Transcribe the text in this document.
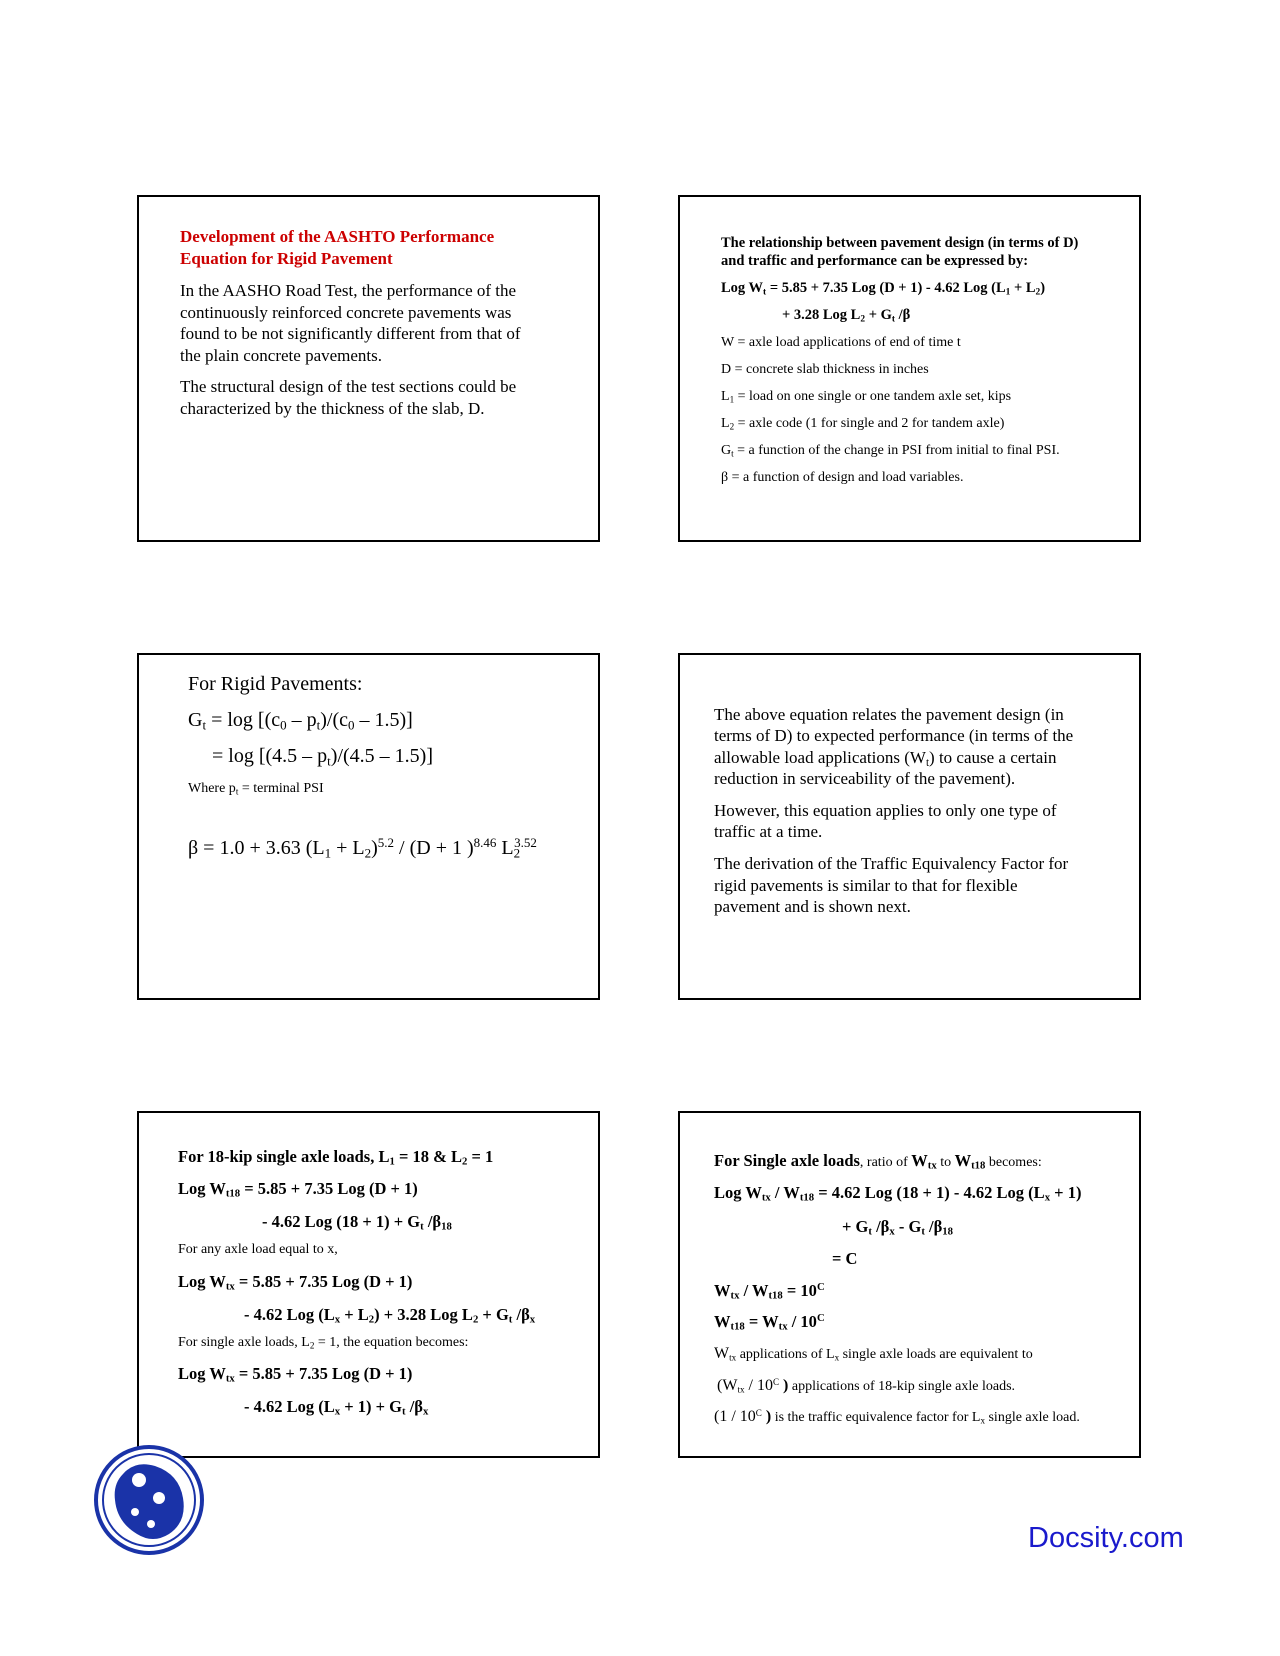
Development of the AASHTO Performance
Equation for Rigid Pavement
In the AASHO Road Test, the performance of the
continuously reinforced concrete pavements was
found to be not significantly different from that of
the plain concrete pavements.
The structural design of the test sections could be
characterized by the thickness of the slab, D.
The relationship between pavement design (in terms of D)
and traffic and performance can be expressed by:
Log $W_t = 5.85 + 7.35$ Log (D + 1) - 4.62 Log $(L_1 + L_2)$
+ 3.28 Log $L_2 + G_t$ /β
W = axle load applications of end of time t
D = concrete slab thickness in inches
$L_1$ = load on one single or one tandem axle set, kips
$L_2$ = axle code (1 for single and 2 for tandem axle)
$G_t = a$ function of the change in PSI from initial to final PSI.
β = a function of design and load variables.
For Rigid Pavements:
$G_t = \log [(c_0 - p_t)/(c_0 - 1.5)]$
= $\log [(4.5 - p_t)/(4.5 - 1.5)]$
Where $p_t$ = terminal PSI
β = 1.0 + 3.63 $(L_1 + L_2)^{5.2} / (D + 1$ )$^{8.46}$ $L_2^{3.52}$
The above equation relates the pavement design (in
terms of D) to expected performance (in terms of the
allowable load applications $(W_t)$ to cause a certain
reduction in serviceability of the pavement).
However, this equation applies to only one type of
traffic at a time.
The derivation of the Traffic Equivalency Factor for
rigid pavements is similar to that for flexible
pavement and is shown next.
For 18-kip single axle loads, $L_1 = 18$ & $L_2 = 1$
Log $W_{t18} = 5.85 + 7.35$ Log (D + 1)
- 4.62 Log $(18 + 1) + G_t$ $/\beta_{18}$
For any axle load equal to x,
Log $W_{tx} = 5.85 + 7.35$ Log (D + 1)
- 4.62 Log $(L_x + L_2) + 3.28$ Log $L_2 + G_t$ $/\beta_x$
For single axle loads, $L_2 = 1$, the equation becomes:
Log $W_{tx} = 5.85 + 7.35$ Log (D + 1)
- 4.62 Log $(L_x + 1) + G_t$ $/\beta_x$
For Single axle loads, ratio of $W_{tx}$ to $W_{t18}$ becomes:
Log $W_{tx} / W_{t18} = 4.62$ Log (18 + 1) - 4.62 Log $(L_x + 1)$
+ $G_t$ $/\beta_x - G_t$ $/\beta_{18}$
= C
$W_{tx} / W_{t18} = 10^C$
$W_{t18} = W_{tx} / 10^C$
$W_{tx}$ applications of $L_x$ single axle loads are equivalent to
($W_{tx} / 10^C$ ) applications of 18-kip single axle loads.
($1 / 10^C$ ) is the traffic equivalence factor for $L_x$ single axle load.
Docsity.com
